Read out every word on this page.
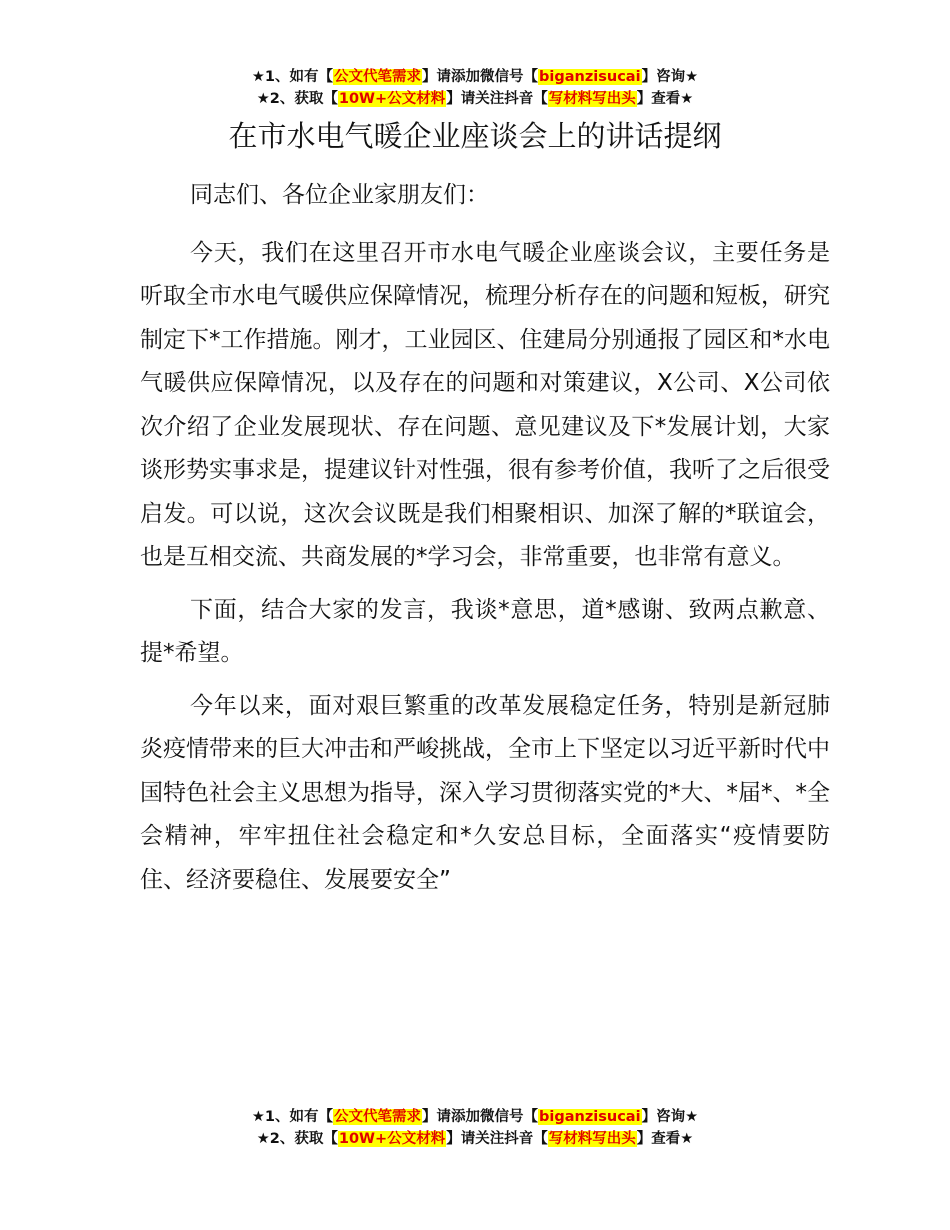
★1、如有【公文代笔需求】请添加微信号【biganzisucai】咨询★
★2、获取【10W+公文材料】请关注抖音【写材料写出头】查看★
在市水电气暖企业座谈会上的讲话提纲

同志们、各位企业家朋友们：

今天，我们在这里召开市水电气暖企业座谈会议，主要任务是听取全市水电气暖供应保障情况，梳理分析存在的问题和短板，研究制定下*工作措施。刚才，工业园区、住建局分别通报了园区和*水电气暖供应保障情况，以及存在的问题和对策建议，X公司、X公司依次介绍了企业发展现状、存在问题、意见建议及下*发展计划，大家谈形势实事求是，提建议针对性强，很有参考价值，我听了之后很受启发。可以说，这次会议既是我们相聚相识、加深了解的*联谊会，也是互相交流、共商发展的*学习会，非常重要，也非常有意义。

下面，结合大家的发言，我谈*意思，道*感谢、致两点歉意、提*希望。

今年以来，面对艰巨繁重的改革发展稳定任务，特别是新冠肺炎疫情带来的巨大冲击和严峻挑战，全市上下坚定以习近平新时代中国特色社会主义思想为指导，深入学习贯彻落实党的*大、*届*、*全会精神，牢牢扭住社会稳定和*久安总目标，全面落实“疫情要防住、经济要稳住、发展要安全”

★1、如有【公文代笔需求】请添加微信号【biganzisucai】咨询★
★2、获取【10W+公文材料】请关注抖音【写材料写出头】查看★
